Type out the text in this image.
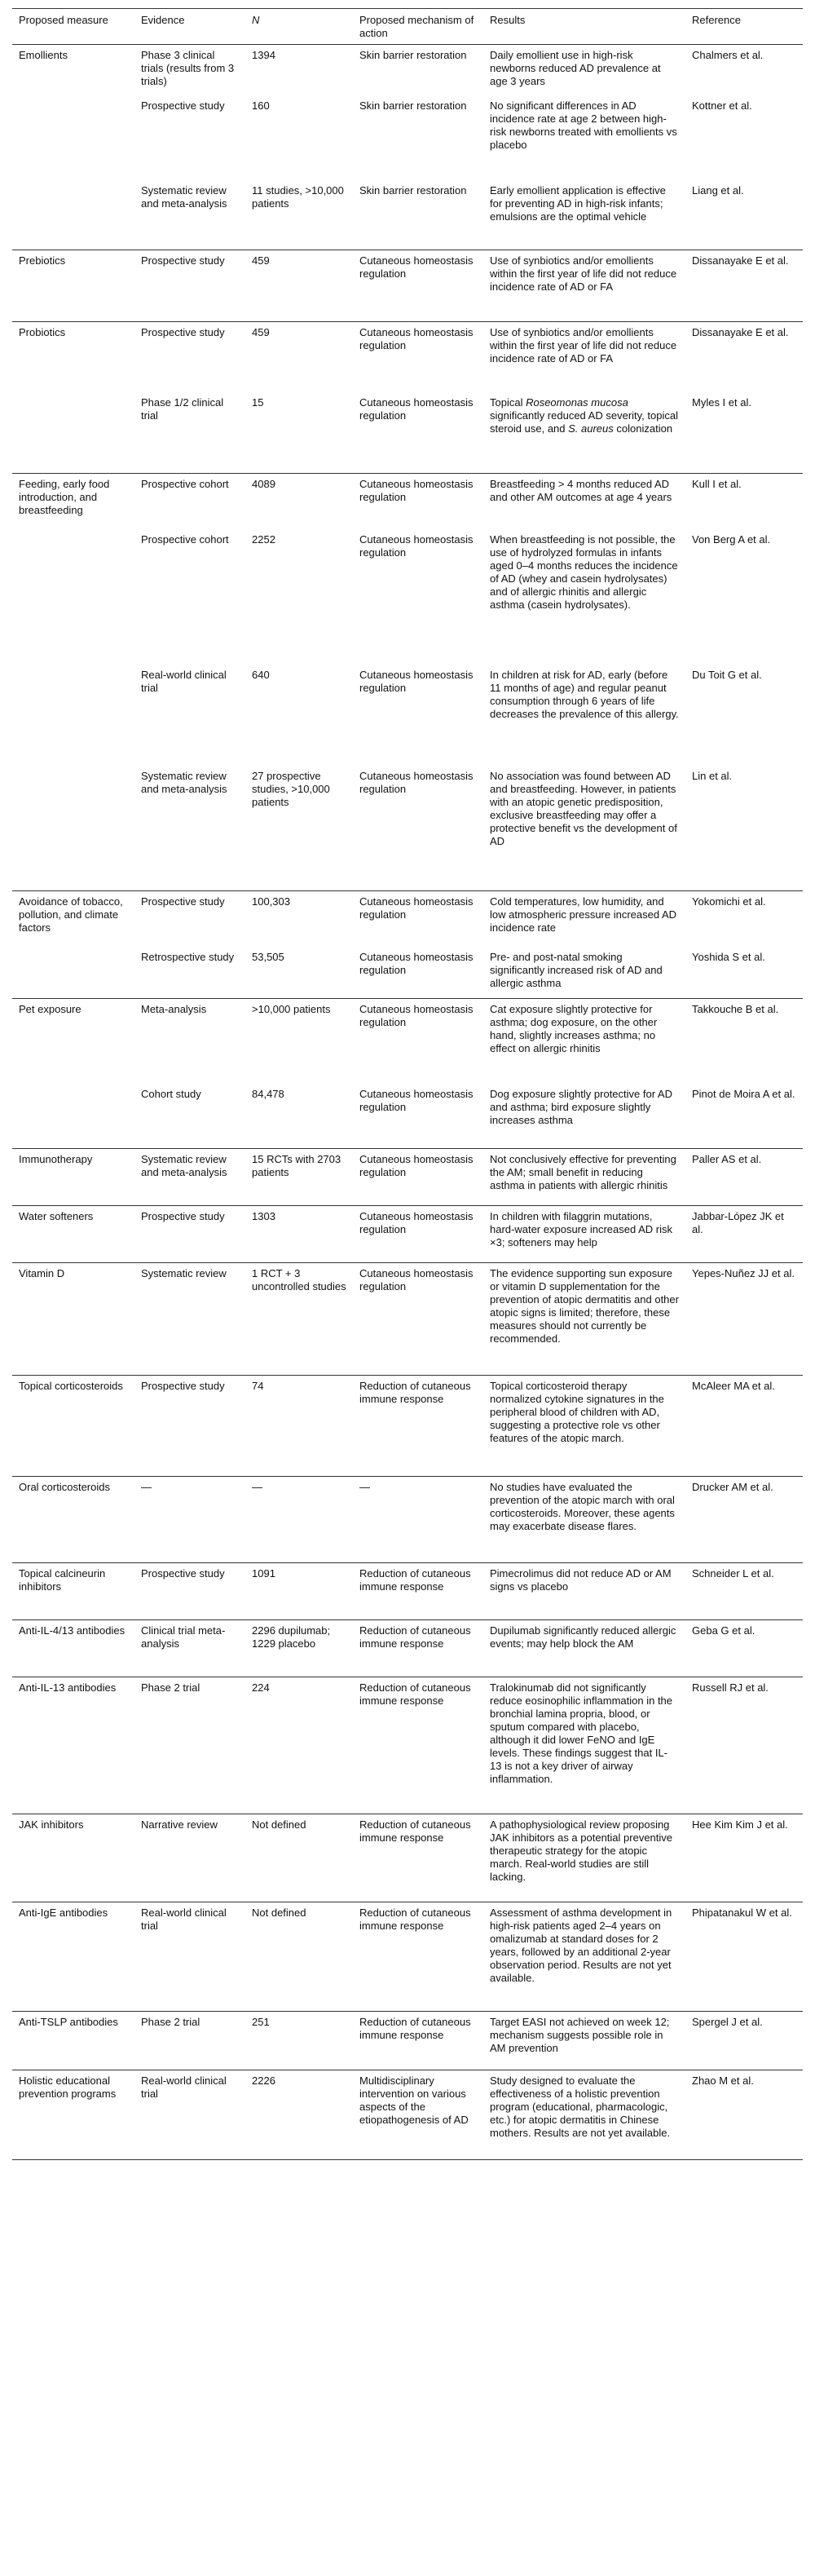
Proposed measure	Evidence	N	Proposed mechanism of action	Results	Reference
Emollients	Phase 3 clinical trials (results from 3 trials)	1394	Skin barrier restoration	Daily emollient use in high-risk newborns reduced AD prevalence at age 3 years	Chalmers et al.
	Prospective study	160	Skin barrier restoration	No significant differences in AD incidence rate at age 2 between high-risk newborns treated with emollients vs placebo	Kottner et al.
	Systematic review and meta-analysis	11 studies, >10,000 patients	Skin barrier restoration	Early emollient application is effective for preventing AD in high-risk infants; emulsions are the optimal vehicle	Liang et al.
Prebiotics	Prospective study	459	Cutaneous homeostasis regulation	Use of synbiotics and/or emollients within the first year of life did not reduce incidence rate of AD or FA	Dissanayake E et al.
Probiotics	Prospective study	459	Cutaneous homeostasis regulation	Use of synbiotics and/or emollients within the first year of life did not reduce incidence rate of AD or FA	Dissanayake E et al.
	Phase 1/2 clinical trial	15	Cutaneous homeostasis regulation	Topical Roseomonas mucosa significantly reduced AD severity, topical steroid use, and S. aureus colonization	Myles I et al.
Feeding, early food introduction, and breastfeeding	Prospective cohort	4089	Cutaneous homeostasis regulation	Breastfeeding > 4 months reduced AD and other AM outcomes at age 4 years	Kull I et al.
	Prospective cohort	2252	Cutaneous homeostasis regulation	When breastfeeding is not possible, the use of hydrolyzed formulas in infants aged 0–4 months reduces the incidence of AD (whey and casein hydrolysates) and of allergic rhinitis and allergic asthma (casein hydrolysates).	Von Berg A et al.
	Real-world clinical trial	640	Cutaneous homeostasis regulation	In children at risk for AD, early (before 11 months of age) and regular peanut consumption through 6 years of life decreases the prevalence of this allergy.	Du Toit G et al.
	Systematic review and meta-analysis	27 prospective studies, >10,000 patients	Cutaneous homeostasis regulation	No association was found between AD and breastfeeding. However, in patients with an atopic genetic predisposition, exclusive breastfeeding may offer a protective benefit vs the development of AD	Lin et al.
Avoidance of tobacco, pollution, and climate factors	Prospective study	100,303	Cutaneous homeostasis regulation	Cold temperatures, low humidity, and low atmospheric pressure increased AD incidence rate	Yokomichi et al.
	Retrospective study	53,505	Cutaneous homeostasis regulation	Pre- and post-natal smoking significantly increased risk of AD and allergic asthma	Yoshida S et al.
Pet exposure	Meta-analysis	>10,000 patients	Cutaneous homeostasis regulation	Cat exposure slightly protective for asthma; dog exposure, on the other hand, slightly increases asthma; no effect on allergic rhinitis	Takkouche B et al.
	Cohort study	84,478	Cutaneous homeostasis regulation	Dog exposure slightly protective for AD and asthma; bird exposure slightly increases asthma	Pinot de Moira A et al.
Immunotherapy	Systematic review and meta-analysis	15 RCTs with 2703 patients	Cutaneous homeostasis regulation	Not conclusively effective for preventing the AM; small benefit in reducing asthma in patients with allergic rhinitis	Paller AS et al.
Water softeners	Prospective study	1303	Cutaneous homeostasis regulation	In children with filaggrin mutations, hard-water exposure increased AD risk ×3; softeners may help	Jabbar-López JK et al.
Vitamin D	Systematic review	1 RCT + 3 uncontrolled studies	Cutaneous homeostasis regulation	The evidence supporting sun exposure or vitamin D supplementation for the prevention of atopic dermatitis and other atopic signs is limited; therefore, these measures should not currently be recommended.	Yepes-Nuñez JJ et al.
Topical corticosteroids	Prospective study	74	Reduction of cutaneous immune response	Topical corticosteroid therapy normalized cytokine signatures in the peripheral blood of children with AD, suggesting a protective role vs other features of the atopic march.	McAleer MA et al.
Oral corticosteroids	—	—	—	No studies have evaluated the prevention of the atopic march with oral corticosteroids. Moreover, these agents may exacerbate disease flares.	Drucker AM et al.
Topical calcineurin inhibitors	Prospective study	1091	Reduction of cutaneous immune response	Pimecrolimus did not reduce AD or AM signs vs placebo	Schneider L et al.
Anti-IL-4/13 antibodies	Clinical trial meta-analysis	2296 dupilumab; 1229 placebo	Reduction of cutaneous immune response	Dupilumab significantly reduced allergic events; may help block the AM	Geba G et al.
Anti-IL-13 antibodies	Phase 2 trial	224	Reduction of cutaneous immune response	Tralokinumab did not significantly reduce eosinophilic inflammation in the bronchial lamina propria, blood, or sputum compared with placebo, although it did lower FeNO and IgE levels. These findings suggest that IL-13 is not a key driver of airway inflammation.	Russell RJ et al.
JAK inhibitors	Narrative review	Not defined	Reduction of cutaneous immune response	A pathophysiological review proposing JAK inhibitors as a potential preventive therapeutic strategy for the atopic march. Real-world studies are still lacking.	Hee Kim Kim J et al.
Anti-IgE antibodies	Real-world clinical trial	Not defined	Reduction of cutaneous immune response	Assessment of asthma development in high-risk patients aged 2–4 years on omalizumab at standard doses for 2 years, followed by an additional 2-year observation period. Results are not yet available.	Phipatanakul W et al.
Anti-TSLP antibodies	Phase 2 trial	251	Reduction of cutaneous immune response	Target EASI not achieved on week 12; mechanism suggests possible role in AM prevention	Spergel J et al.
Holistic educational prevention programs	Real-world clinical trial	2226	Multidisciplinary intervention on various aspects of the etiopathogenesis of AD	Study designed to evaluate the effectiveness of a holistic prevention program (educational, pharmacologic, etc.) for atopic dermatitis in Chinese mothers. Results are not yet available.	Zhao M et al.
